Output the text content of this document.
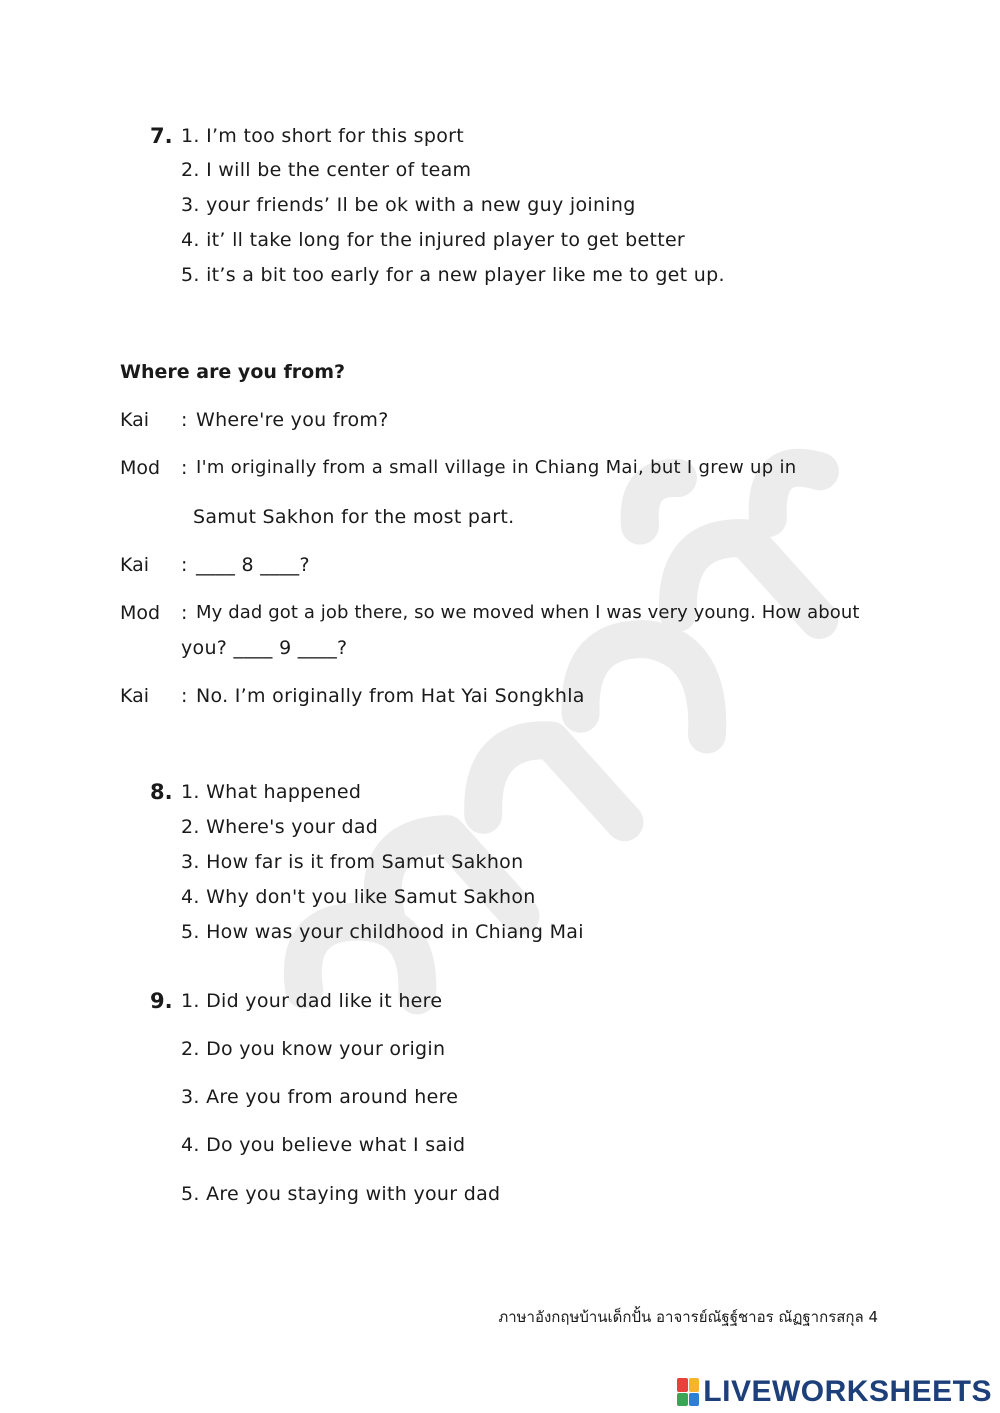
7. 1. I’m too short for this sport
2. I will be the center of team
3. your friends’ Il be ok with a new guy joining
4. it’ ll take long for the injured player to get better
5. it’s a bit too early for a new player like me to get up.
Where are you from?
Kai : Where're you from?
Mod : I'm originally from a small village in Chiang Mai, but I grew up in
Samut Sakhon for the most part.
Kai : ____ 8 ____?
Mod : My dad got a job there, so we moved when I was very young. How about
you? ____ 9 ____?
Kai : No. I’m originally from Hat Yai Songkhla
8. 1. What happened
2. Where's your dad
3. How far is it from Samut Sakhon
4. Why don't you like Samut Sakhon
5. How was your childhood in Chiang Mai
9. 1. Did your dad like it here
2. Do you know your origin
3. Are you from around here
4. Do you believe what I said
5. Are you staying with your dad
ภาษาอังกฤษบ้านเด็กปั้น อาจารย์ณัฐฐ์ชาอร ณัฏฐากรสกุล 4
LIVEWORKSHEETS
